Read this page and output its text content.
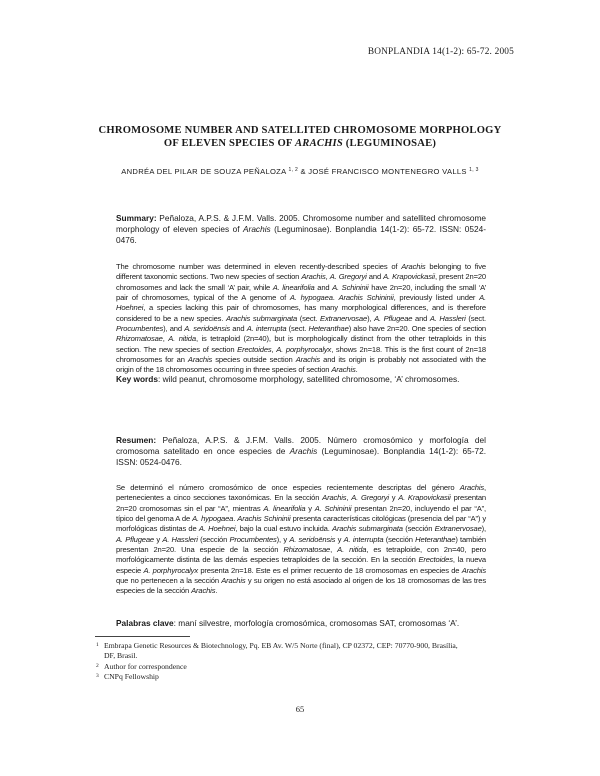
BONPLANDIA 14(1-2): 65-72. 2005
CHROMOSOME NUMBER AND SATELLITED CHROMOSOME MORPHOLOGY
OF ELEVEN SPECIES OF ARACHIS (LEGUMINOSAE)
ANDRÉA DEL PILAR DE SOUZA PEÑALOZA $^{1, 2}$ & JOSÉ FRANCISCO MONTENEGRO VALLS $^{1, 3}$
Summary: Peñaloza, A.P.S. & J.F.M. Valls. 2005. Chromosome number and satellited chromosome morphology of eleven species of Arachis (Leguminosae). Bonplandia 14(1-2): 65-72. ISSN: 0524-0476.
The chromosome number was determined in eleven recently-described species of Arachis belonging to five different taxonomic sections. Two new species of section Arachis, A. Gregoryi and A. Krapovickasii, present 2n=20 chromosomes and lack the small ‘A’ pair, while A. linearifolia and A. Schininii have 2n=20, including the small ‘A’ pair of chromosomes, typical of the A genome of A. hypogaea. Arachis Schininii, previously listed under A. Hoehnei, a species lacking this pair of chromosomes, has many morphological differences, and is therefore considered to be a new species. Arachis submarginata (sect. Extranervosae), A. Pflugeae and A. Hassleri (sect. Procumbentes), and A. seridoënsis and A. interrupta (sect. Heteranthae) also have 2n=20. One species of section Rhizomatosae, A. nitida, is tetraploid (2n=40), but is morphologically distinct from the other tetraploids in this section. The new species of section Erectoides, A. porphyrocalyx, shows 2n=18. This is the first count of 2n=18 chromosomes for an Arachis species outside section Arachis and its origin is probably not associated with the origin of the 18 chromosomes occurring in three species of section Arachis.
Key words: wild peanut, chromosome morphology, satellited chromosome, ‘A’ chromosomes.
Resumen: Peñaloza, A.P.S. & J.F.M. Valls. 2005. Número cromosómico y morfología del cromosoma satelitado en once especies de Arachis (Leguminosae). Bonplandia 14(1-2): 65-72. ISSN: 0524-0476.
Se determinó el número cromosómico de once especies recientemente descriptas del género Arachis, pertenecientes a cinco secciones taxonómicas. En la sección Arachis, A. Gregoryi y A. Krapovickasii presentan 2n=20 cromosomas sin el par “A”, mientras A. linearifolia y A. Schininii presentan 2n=20, incluyendo el par “A”, típico del genoma A de A. hypogaea. Arachis Schininii presenta características citológicas (presencia del par “A”) y morfológicas distintas de A. Hoehnei, bajo la cual estuvo incluida. Arachis submarginata (sección Extranervosae), A. Pflugeae y A. Hassleri (sección Procumbentes), y A. seridoënsis y A. interrupta (sección Heteranthae) también presentan 2n=20. Una especie de la sección Rhizomatosae, A. nitida, es tetraploide, con 2n=40, pero morfológicamente distinta de las demás especies tetraploides de la sección. En la sección Erectoides, la nueva especie A. porphyrocalyx presenta 2n=18. Este es el primer recuento de 18 cromosomas en especies de Arachis que no pertenecen a la sección Arachis y su origen no está asociado al origen de los 18 cromosomas de las tres especies de la sección Arachis.
Palabras clave: maní silvestre, morfología cromosómica, cromosomas SAT, cromosomas ‘A’.
1 Embrapa Genetic Resources & Biotechnology, Pq. EB Av. W/5 Norte (final), CP 02372, CEP: 70770-900, Brasília,
DF, Brasil.
2 Author for correspondence
3 CNPq Fellowship
65
